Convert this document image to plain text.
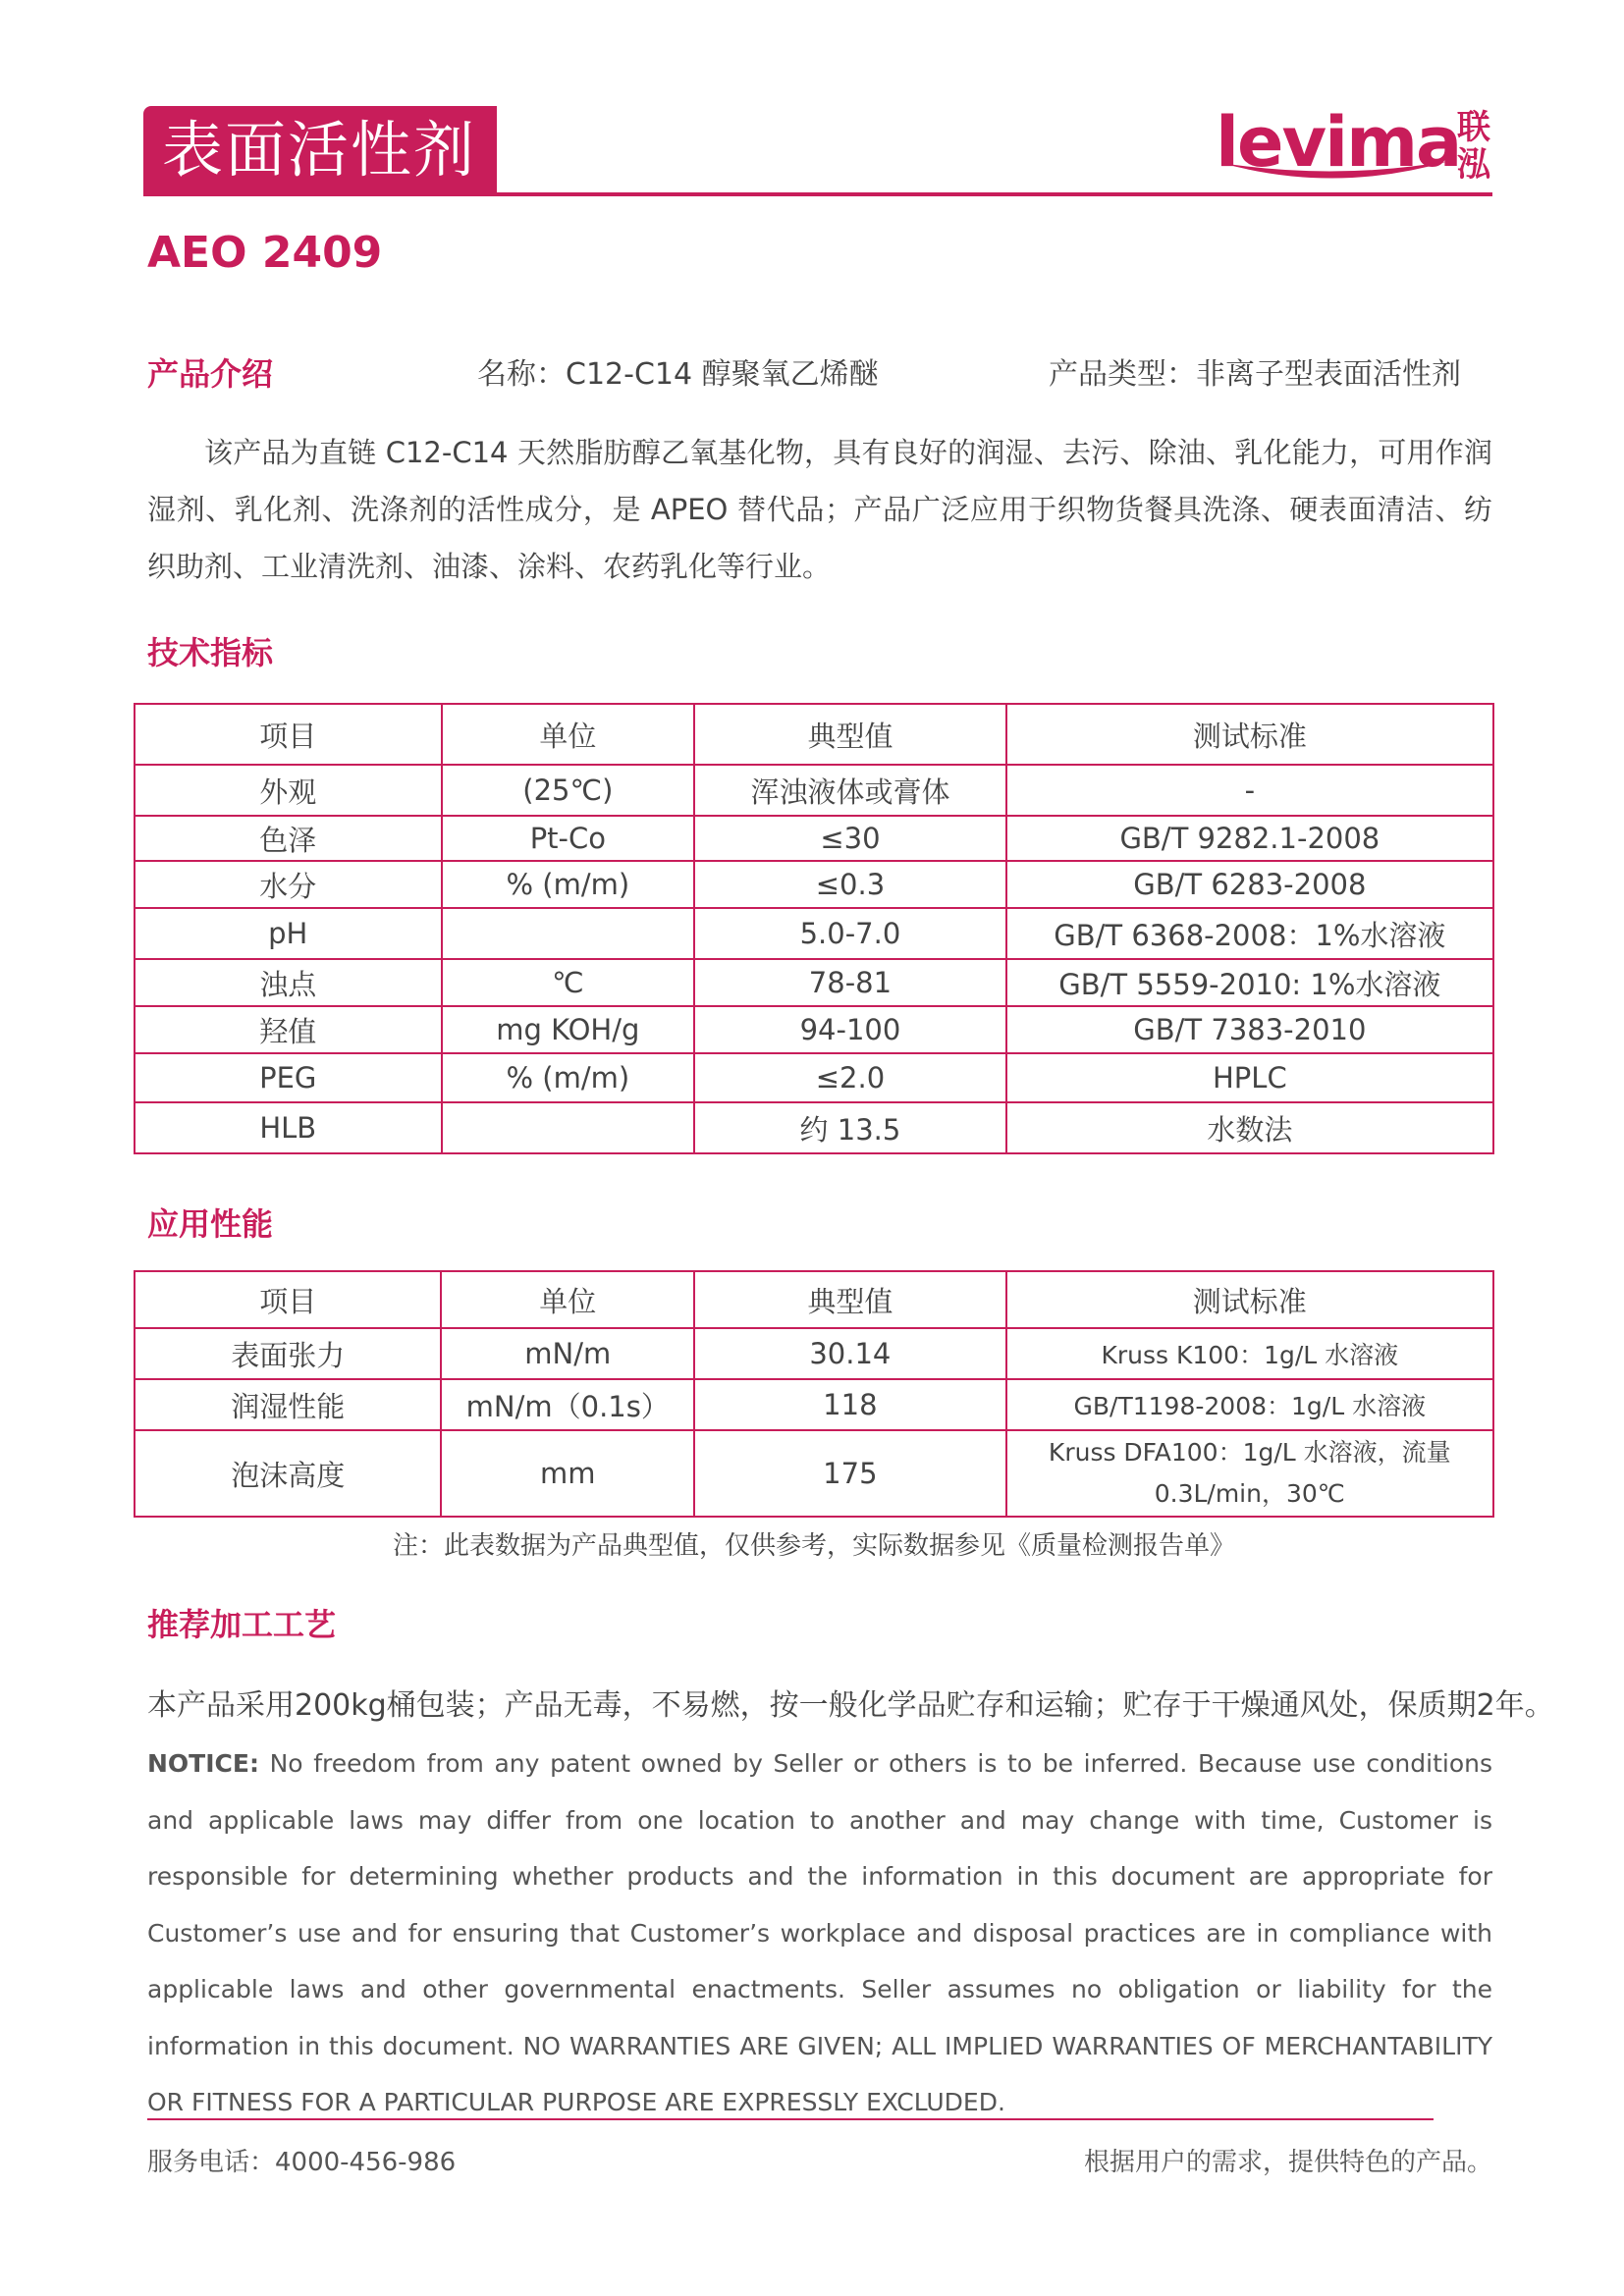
表面活性剂	levima
联
泓
AEO 2409
产品介绍	名称：C12-C14 醇聚氧乙烯醚	产品类型：非离子型表面活性剂
该产品为直链 C12-C14 天然脂肪醇乙氧基化物，具有良好的润湿、去污、除油、乳化能力，可用作润湿剂、乳化剂、洗涤剂的活性成分，是 APEO 替代品；产品广泛应用于织物货餐具洗涤、硬表面清洁、纺织助剂、工业清洗剂、油漆、涂料、农药乳化等行业。
技术指标
项目	单位	典型值	测试标准
外观	(25℃)	浑浊液体或膏体	-
色泽	Pt-Co	≤30	GB/T 9282.1-2008
水分	% (m/m)	≤0.3	GB/T 6283-2008
pH		5.0-7.0	GB/T 6368-2008：1%水溶液
浊点	℃	78-81	GB/T 5559-2010: 1%水溶液
羟值	mg KOH/g	94-100	GB/T 7383-2010
PEG	% (m/m)	≤2.0	HPLC
HLB		约 13.5	水数法
应用性能
项目	单位	典型值	测试标准
表面张力	mN/m	30.14	Kruss K100：1g/L 水溶液
润湿性能	mN/m（0.1s）	118	GB/T1198-2008：1g/L 水溶液
泡沫高度	mm	175	Kruss DFA100：1g/L 水溶液，流量 0.3L/min，30℃
注：此表数据为产品典型值，仅供参考，实际数据参见《质量检测报告单》
推荐加工工艺
本产品采用200kg桶包装；产品无毒，不易燃，按一般化学品贮存和运输；贮存于干燥通风处，保质期2年。
NOTICE: No freedom from any patent owned by Seller or others is to be inferred. Because use conditions and applicable laws may differ from one location to another and may change with time, Customer is responsible for determining whether products and the information in this document are appropriate for Customer’s use and for ensuring that Customer’s workplace and disposal practices are in compliance with applicable laws and other governmental enactments. Seller assumes no obligation or liability for the information in this document. NO WARRANTIES ARE GIVEN; ALL IMPLIED WARRANTIES OF MERCHANTABILITY OR FITNESS FOR A PARTICULAR PURPOSE ARE EXPRESSLY EXCLUDED.
服务电话：4000-456-986	根据用户的需求，提供特色的产品。
